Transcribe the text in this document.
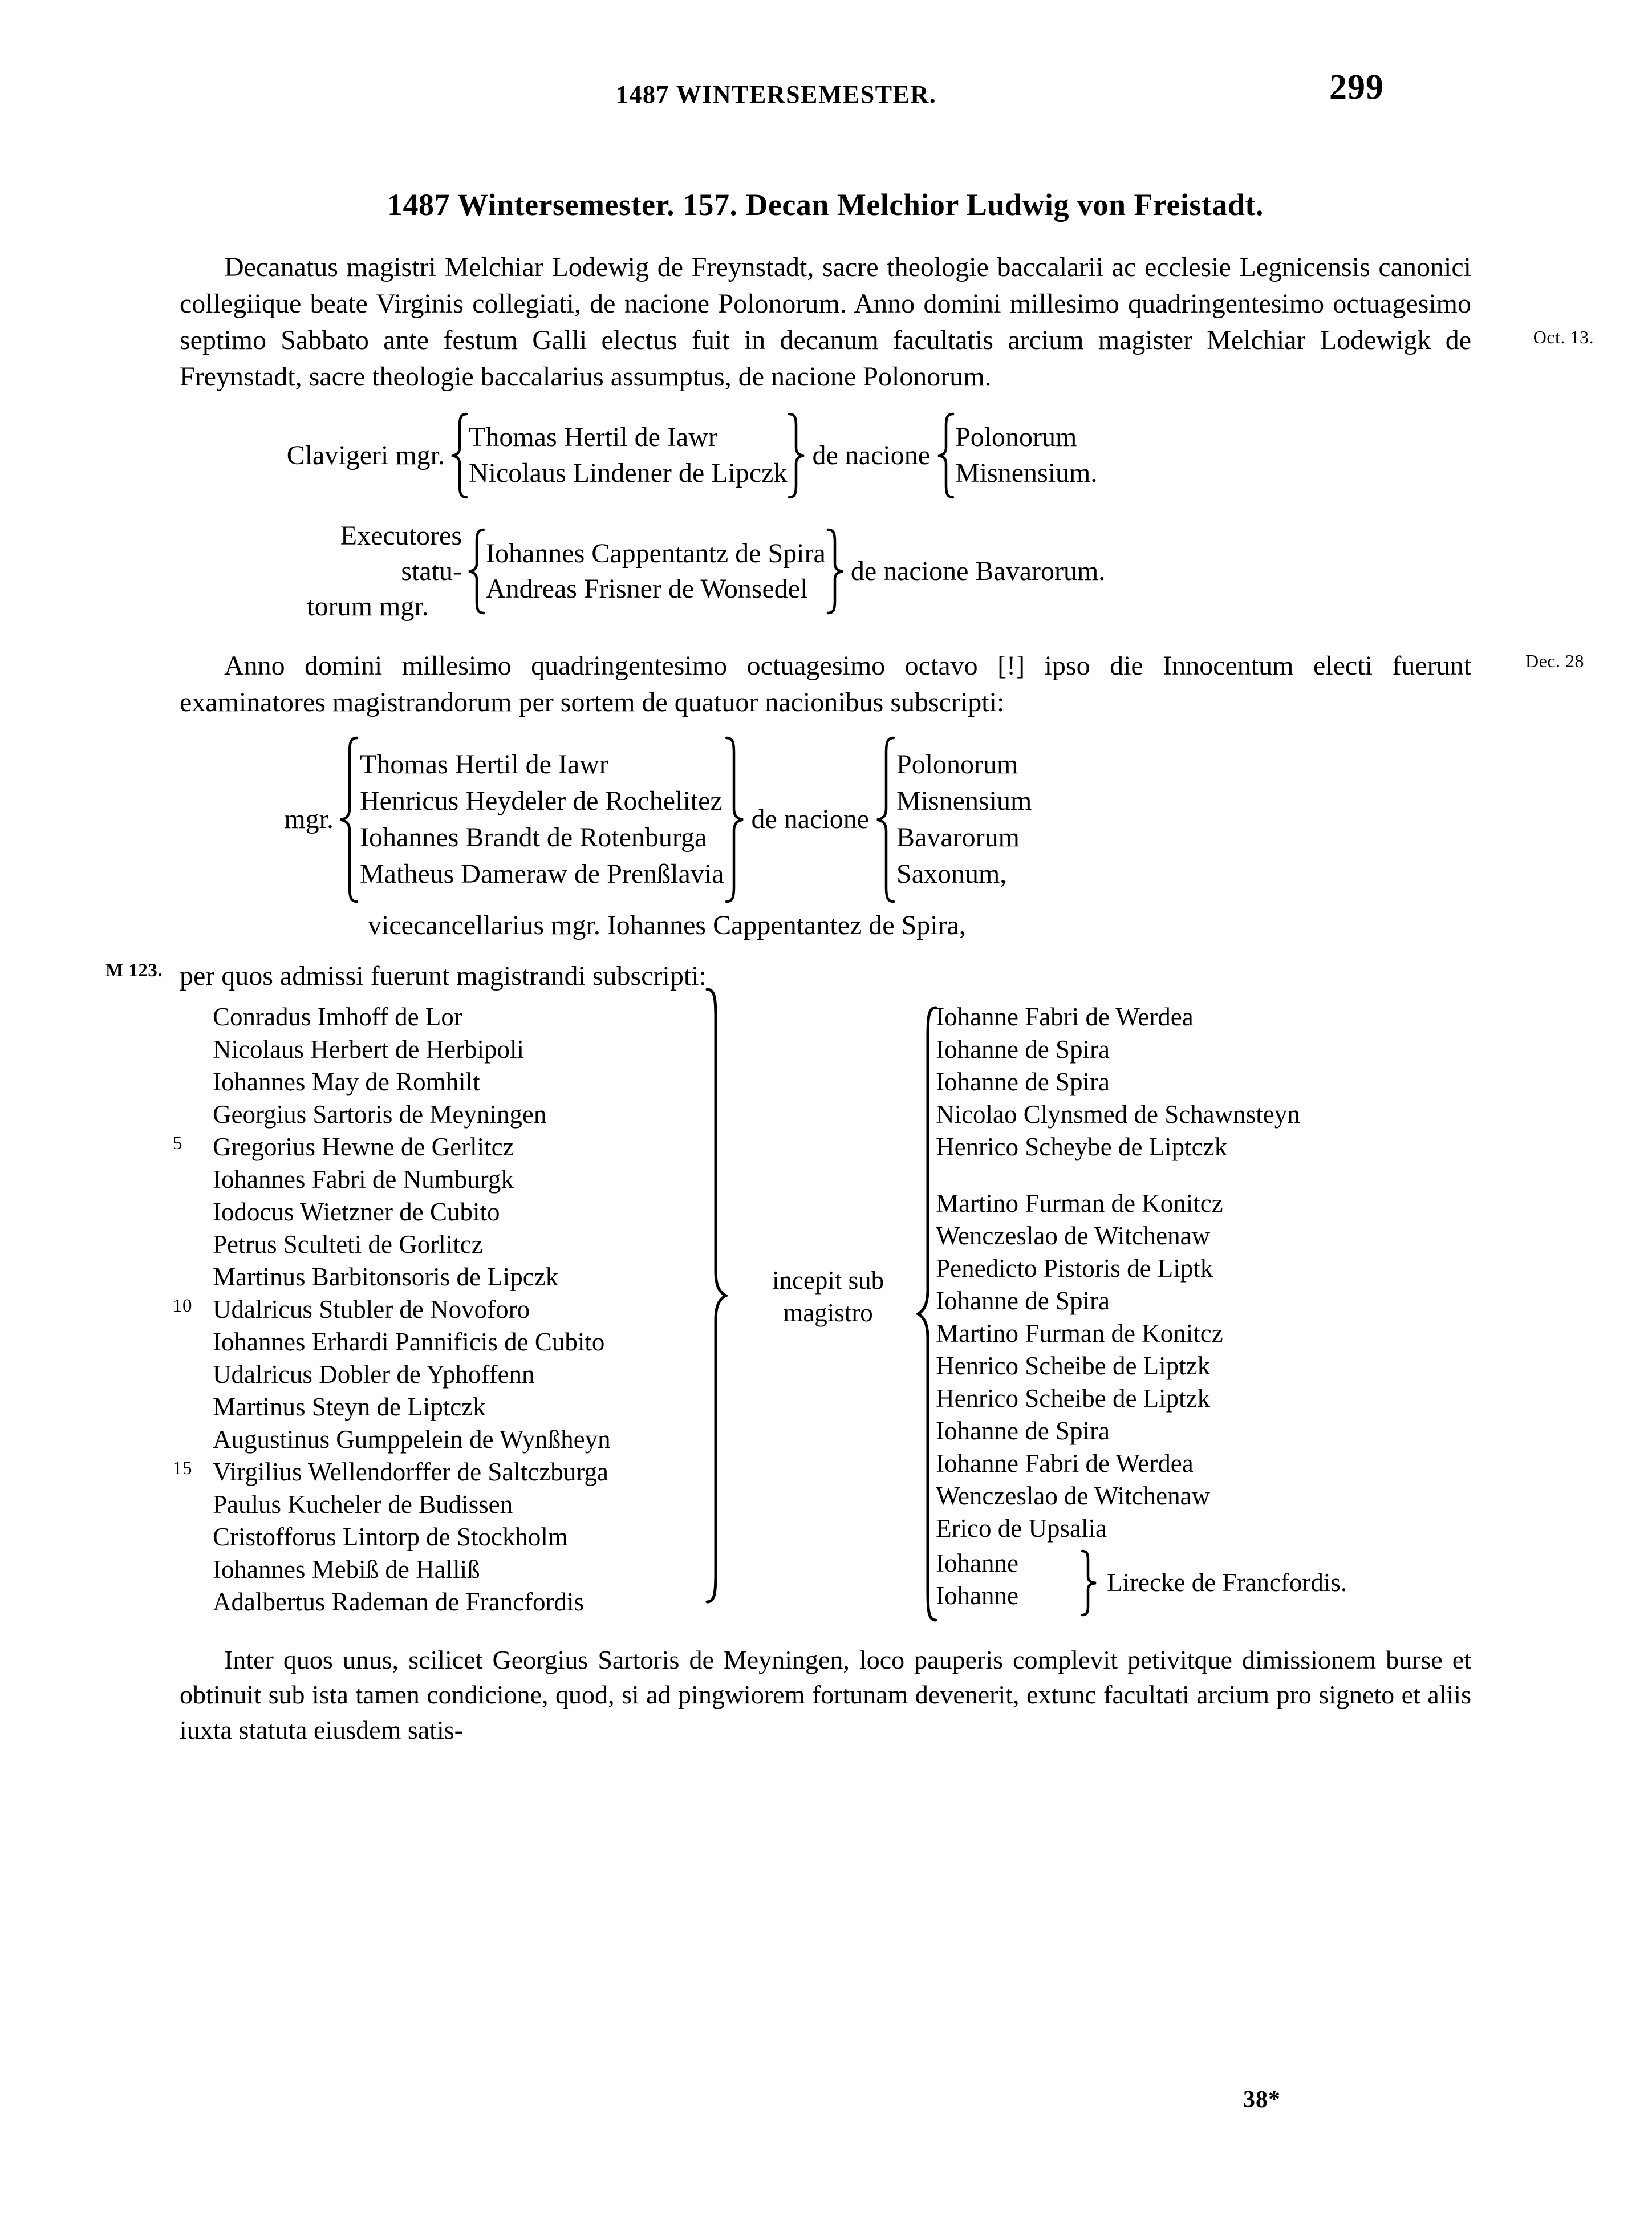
1487 WINTERSEMESTER.	299
1487 Wintersemester. 157. Decan Melchior Ludwig von Freistadt.

Decanatus magistri Melchiar Lodewig de Freynstadt, sacre theologie baccalarii ac ecclesie Legnicensis canonici collegiique beate Virginis collegiati, de nacione Polonorum. Anno domini millesimo quadringentesimo octuagesimo septimo Sabbato ante festum Galli electus fuit in decanum facultatis arcium magister Melchiar Lodewigk de Freynstadt, sacre theologie baccalarius assumptus, de nacione Polonorum.
Oct. 13.

Clavigeri mgr.
Thomas Hertil de Iawr
Nicolaus Lindener de Lipczk
de nacione
Polonorum
Misnensium.
Executores statu-
torum mgr.
Iohannes Cappentantz de Spira
Andreas Frisner de Wonsedel
de nacione Bavarorum.

Anno domini millesimo quadringentesimo octuagesimo octavo [!] ipso die Innocentum electi fuerunt examinatores magistrandorum per sortem de quatuor nacionibus subscripti:
Dec. 28

mgr.
Thomas Hertil de Iawr
Henricus Heydeler de Rochelitez
Iohannes Brandt de Rotenburga
Matheus Dameraw de Prenßlavia
de nacione
Polonorum
Misnensium
Bavarorum
Saxonum,

vicecancellarius mgr. Iohannes Cappentantez de Spira,

M 123. per quos admissi fuerunt magistrandi subscripti:

Conradus Imhoff de Lor
Nicolaus Herbert de Herbipoli
Iohannes May de Romhilt
Georgius Sartoris de Meyningen
5 Gregorius Hewne de Gerlitcz
Iohannes Fabri de Numburgk
Iodocus Wietzner de Cubito
Petrus Sculteti de Gorlitcz
Martinus Barbitonsoris de Lipczk
10 Udalricus Stubler de Novoforo
Iohannes Erhardi Pannificis de Cubito
Udalricus Dobler de Yphoffenn
Martinus Steyn de Liptczk
Augustinus Gumppelein de Wynßheyn
15 Virgilius Wellendorffer de Saltczburga
Paulus Kucheler de Budissen
Cristofforus Lintorp de Stockholm
Iohannes Mebiß de Halliß
Adalbertus Rademan de Francfordis
incepit sub
magistro
Iohanne Fabri de Werdea
Iohanne de Spira
Iohanne de Spira
Nicolao Clynsmed de Schawnsteyn
Henrico Scheybe de Liptczk
Martino Furman de Konitcz
Wenczeslao de Witchenaw
Penedicto Pistoris de Liptk
Iohanne de Spira
Martino Furman de Konitcz
Henrico Scheibe de Liptzk
Henrico Scheibe de Liptzk
Iohanne de Spira
Iohanne Fabri de Werdea
Wenczeslao de Witchenaw
Erico de Upsalia
Iohanne
Iohanne	Lirecke de Francfordis.

Inter quos unus, scilicet Georgius Sartoris de Meyningen, loco pauperis complevit petivitque dimissionem burse et obtinuit sub ista tamen condicione, quod, si ad pingwiorem fortunam devenerit, extunc facultati arcium pro signeto et aliis iuxta statuta eiusdem satis-

38*
